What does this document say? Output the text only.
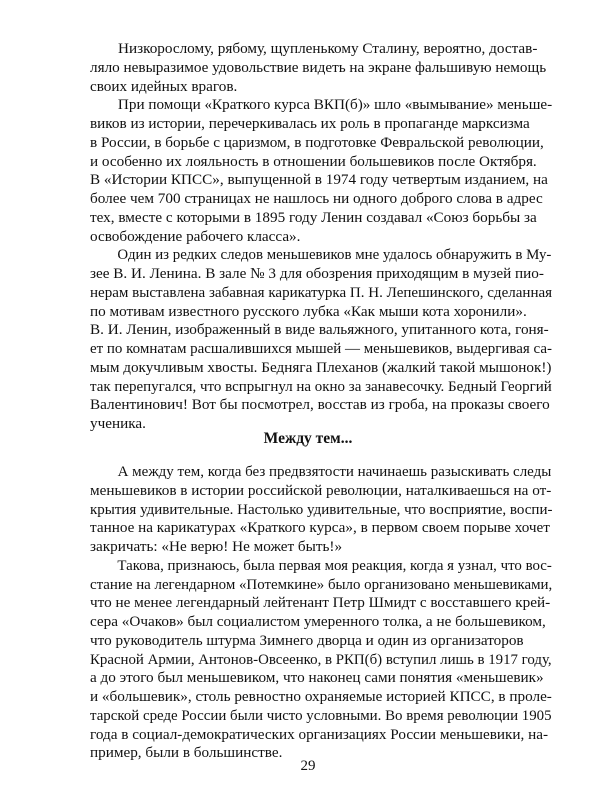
Низкорослому, рябому, щупленькому Сталину, вероятно, достав-
ляло невыразимое удовольствие видеть на экране фальшивую немощь
своих идейных врагов.
При помощи «Краткого курса ВКП(б)» шло «вымывание» меньше-
виков из истории, перечеркивалась их роль в пропаганде марксизма
в России, в борьбе с царизмом, в подготовке Февральской революции,
и особенно их лояльность в отношении большевиков после Октября.
В «Истории КПСС», выпущенной в 1974 году четвертым изданием, на
более чем 700 страницах не нашлось ни одного доброго слова в адрес
тех, вместе с которыми в 1895 году Ленин создавал «Союз борьбы за
освобождение рабочего класса».
Один из редких следов меньшевиков мне удалось обнаружить в Му-
зее В. И. Ленина. В зале № 3 для обозрения приходящим в музей пио-
нерам выставлена забавная карикатурка П. Н. Лепешинского, сделанная
по мотивам известного русского лубка «Как мыши кота хоронили».
В. И. Ленин, изображенный в виде вальяжного, упитанного кота, гоня-
ет по комнатам расшалившихся мышей — меньшевиков, выдергивая са-
мым докучливым хвосты. Бедняга Плеханов (жалкий такой мышонок!)
так перепугался, что вспрыгнул на окно за занавесочку. Бедный Георгий
Валентинович! Вот бы посмотрел, восстав из гроба, на проказы своего
ученика.
Между тем...
А между тем, когда без предвзятости начинаешь разыскивать следы
меньшевиков в истории российской революции, наталкиваешься на от-
крытия удивительные. Настолько удивительные, что восприятие, воспи-
танное на карикатурах «Краткого курса», в первом своем порыве хочет
закричать: «Не верю! Не может быть!»
Такова, признаюсь, была первая моя реакция, когда я узнал, что вос-
стание на легендарном «Потемкине» было организовано меньшевиками,
что не менее легендарный лейтенант Петр Шмидт с восставшего крей-
сера «Очаков» был социалистом умеренного толка, а не большевиком,
что руководитель штурма Зимнего дворца и один из организаторов
Красной Армии, Антонов-Овсеенко, в РКП(б) вступил лишь в 1917 году,
а до этого был меньшевиком, что наконец сами понятия «меньшевик»
и «большевик», столь ревностно охраняемые историей КПСС, в проле-
тарской среде России были чисто условными. Во время революции 1905
года в социал-демократических организациях России меньшевики, на-
пример, были в большинстве.
29
